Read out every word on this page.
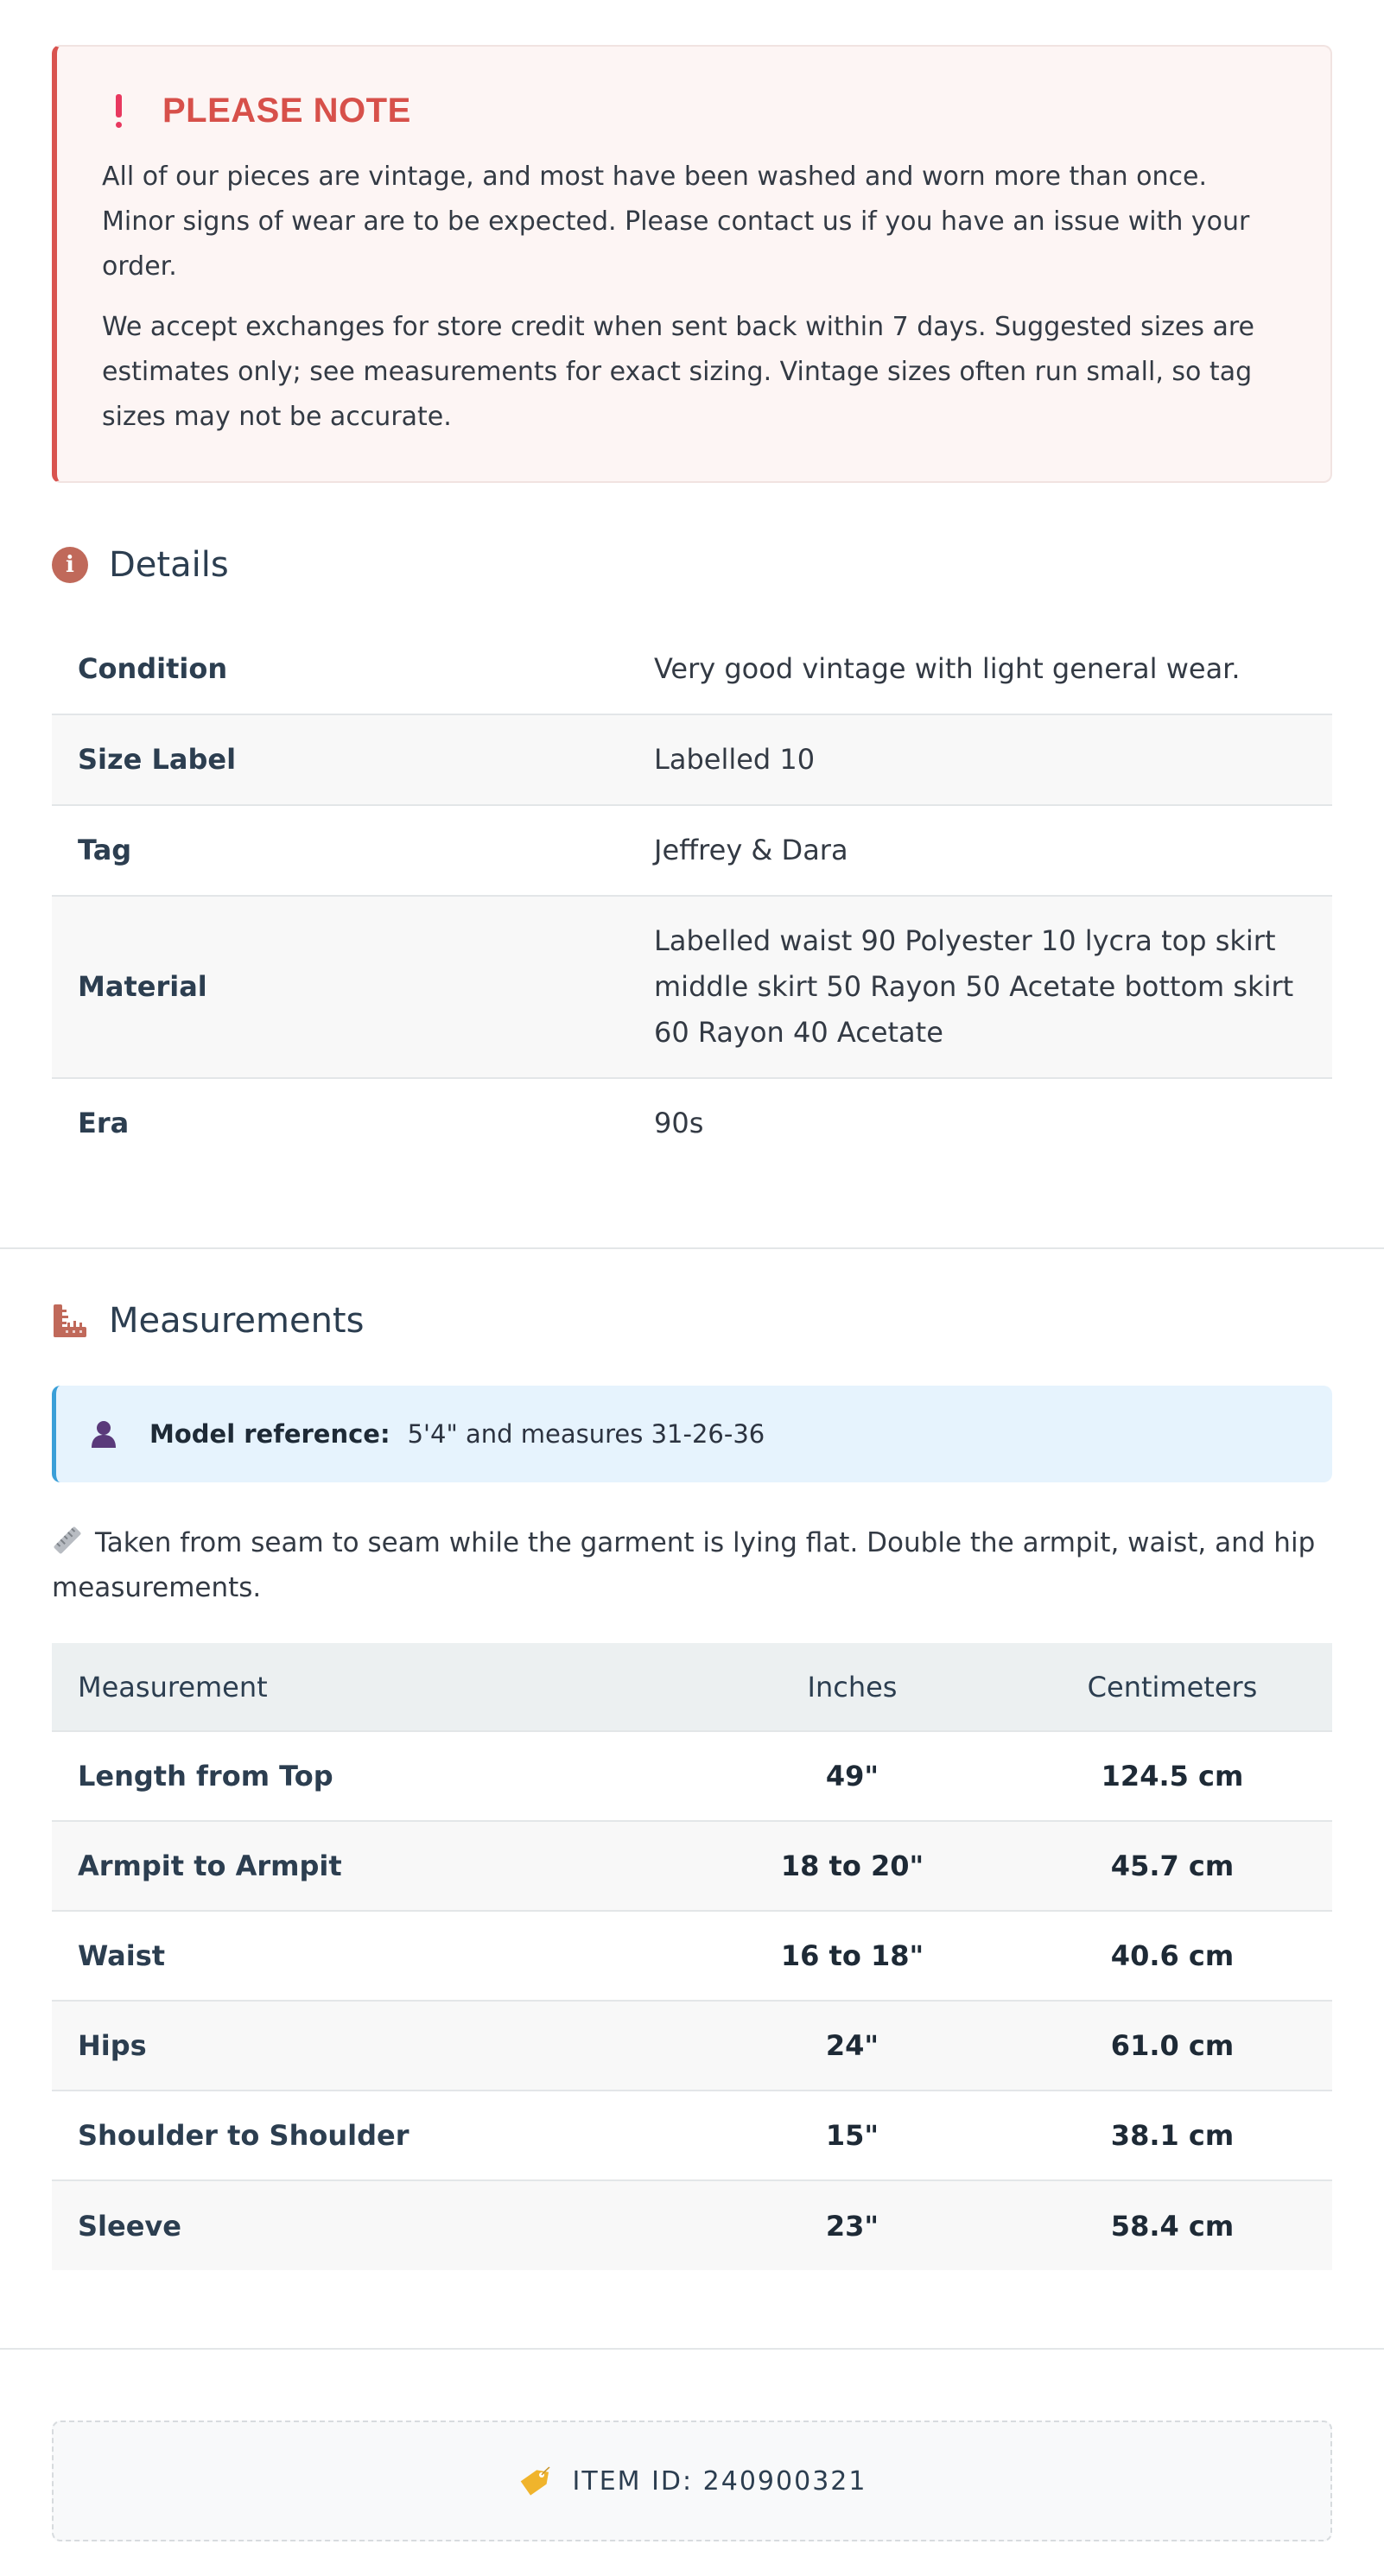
PLEASE NOTE

All of our pieces are vintage, and most have been washed and worn more than once. Minor signs of wear are to be expected. Please contact us if you have an issue with your order.

We accept exchanges for store credit when sent back within 7 days. Suggested sizes are estimates only; see measurements for exact sizing. Vintage sizes often run small, so tag sizes may not be accurate.

i	Details
Condition	Very good vintage with light general wear.
Size Label	Labelled 10
Tag	Jeffrey & Dara
Material	Labelled waist 90 Polyester 10 lycra top skirt middle skirt 50 Rayon 50 Acetate bottom skirt 60 Rayon 40 Acetate
Era	90s
Measurements
Model reference: 5'4" and measures 31-26-36
Taken from seam to seam while the garment is lying flat. Double the armpit, waist, and hip measurements.
Measurement	Inches	Centimeters
Length from Top	49"	124.5 cm
Armpit to Armpit	18 to 20"	45.7 cm
Waist	16 to 18"	40.6 cm
Hips	24"	61.0 cm
Shoulder to Shoulder	15"	38.1 cm
Sleeve	23"	58.4 cm
ITEM ID: 240900321
